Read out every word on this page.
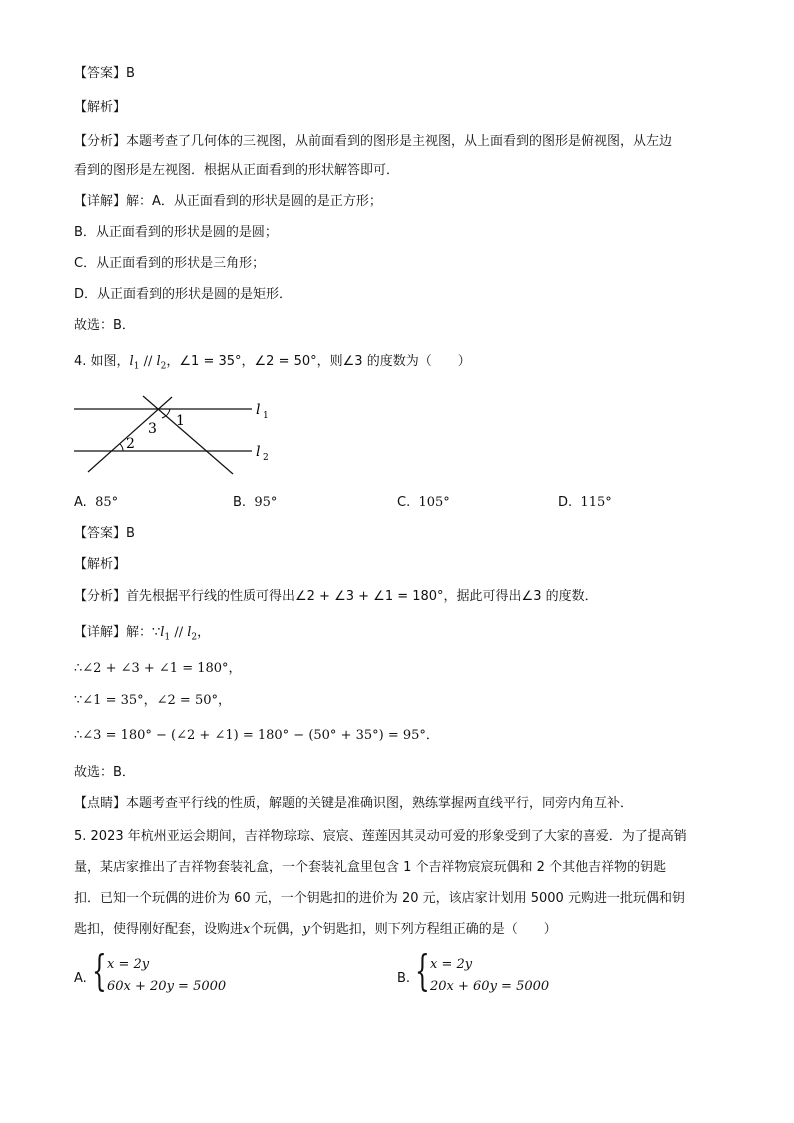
【答案】B
【解析】
【分析】本题考查了几何体的三视图，从前面看到的图形是主视图，从上面看到的图形是俯视图，从左边
看到的图形是左视图．根据从正面看到的形状解答即可．
【详解】解：A．从正面看到的形状是圆的是正方形；
B．从正面看到的形状是圆的是圆；
C．从正面看到的形状是三角形；
D．从正面看到的形状是圆的是矩形．
故选：B．
4. 如图，$l_1 // l_2$，∠1 = 35°，∠2 = 50°，则∠3 的度数为（　　）
l 1
l 2
1
2
3
A. 85°	B. 95°	C. 105°	D. 115°
【答案】B
【解析】
【分析】首先根据平行线的性质可得出∠2 + ∠3 + ∠1 = 180°，据此可得出∠3 的度数．
【详解】解：$\because l_1 // l_2$，
∴∠2 + ∠3 + ∠1 = 180°，
∵∠1 = 35°，∠2 = 50°，
∴∠3 = 180° − (∠2 + ∠1) = 180° − (50° + 35°) = 95°．
故选：B．
【点睛】本题考查平行线的性质，解题的关键是准确识图，熟练掌握两直线平行，同旁内角互补．
5. 2023 年杭州亚运会期间，吉祥物琮琮、宸宸、莲莲因其灵动可爱的形象受到了大家的喜爱．为了提高销
量，某店家推出了吉祥物套装礼盒，一个套装礼盒里包含 1 个吉祥物宸宸玩偶和 2 个其他吉祥物的钥匙
扣．已知一个玩偶的进价为 60 元，一个钥匙扣的进价为 20 元，该店家计划用 5000 元购进一批玩偶和钥
匙扣，使得刚好配套，设购进x个玩偶，y个钥匙扣，则下列方程组正确的是（　　）
A. { x = 2y
60x + 20y = 5000
B. { x = 2y
20x + 60y = 5000
